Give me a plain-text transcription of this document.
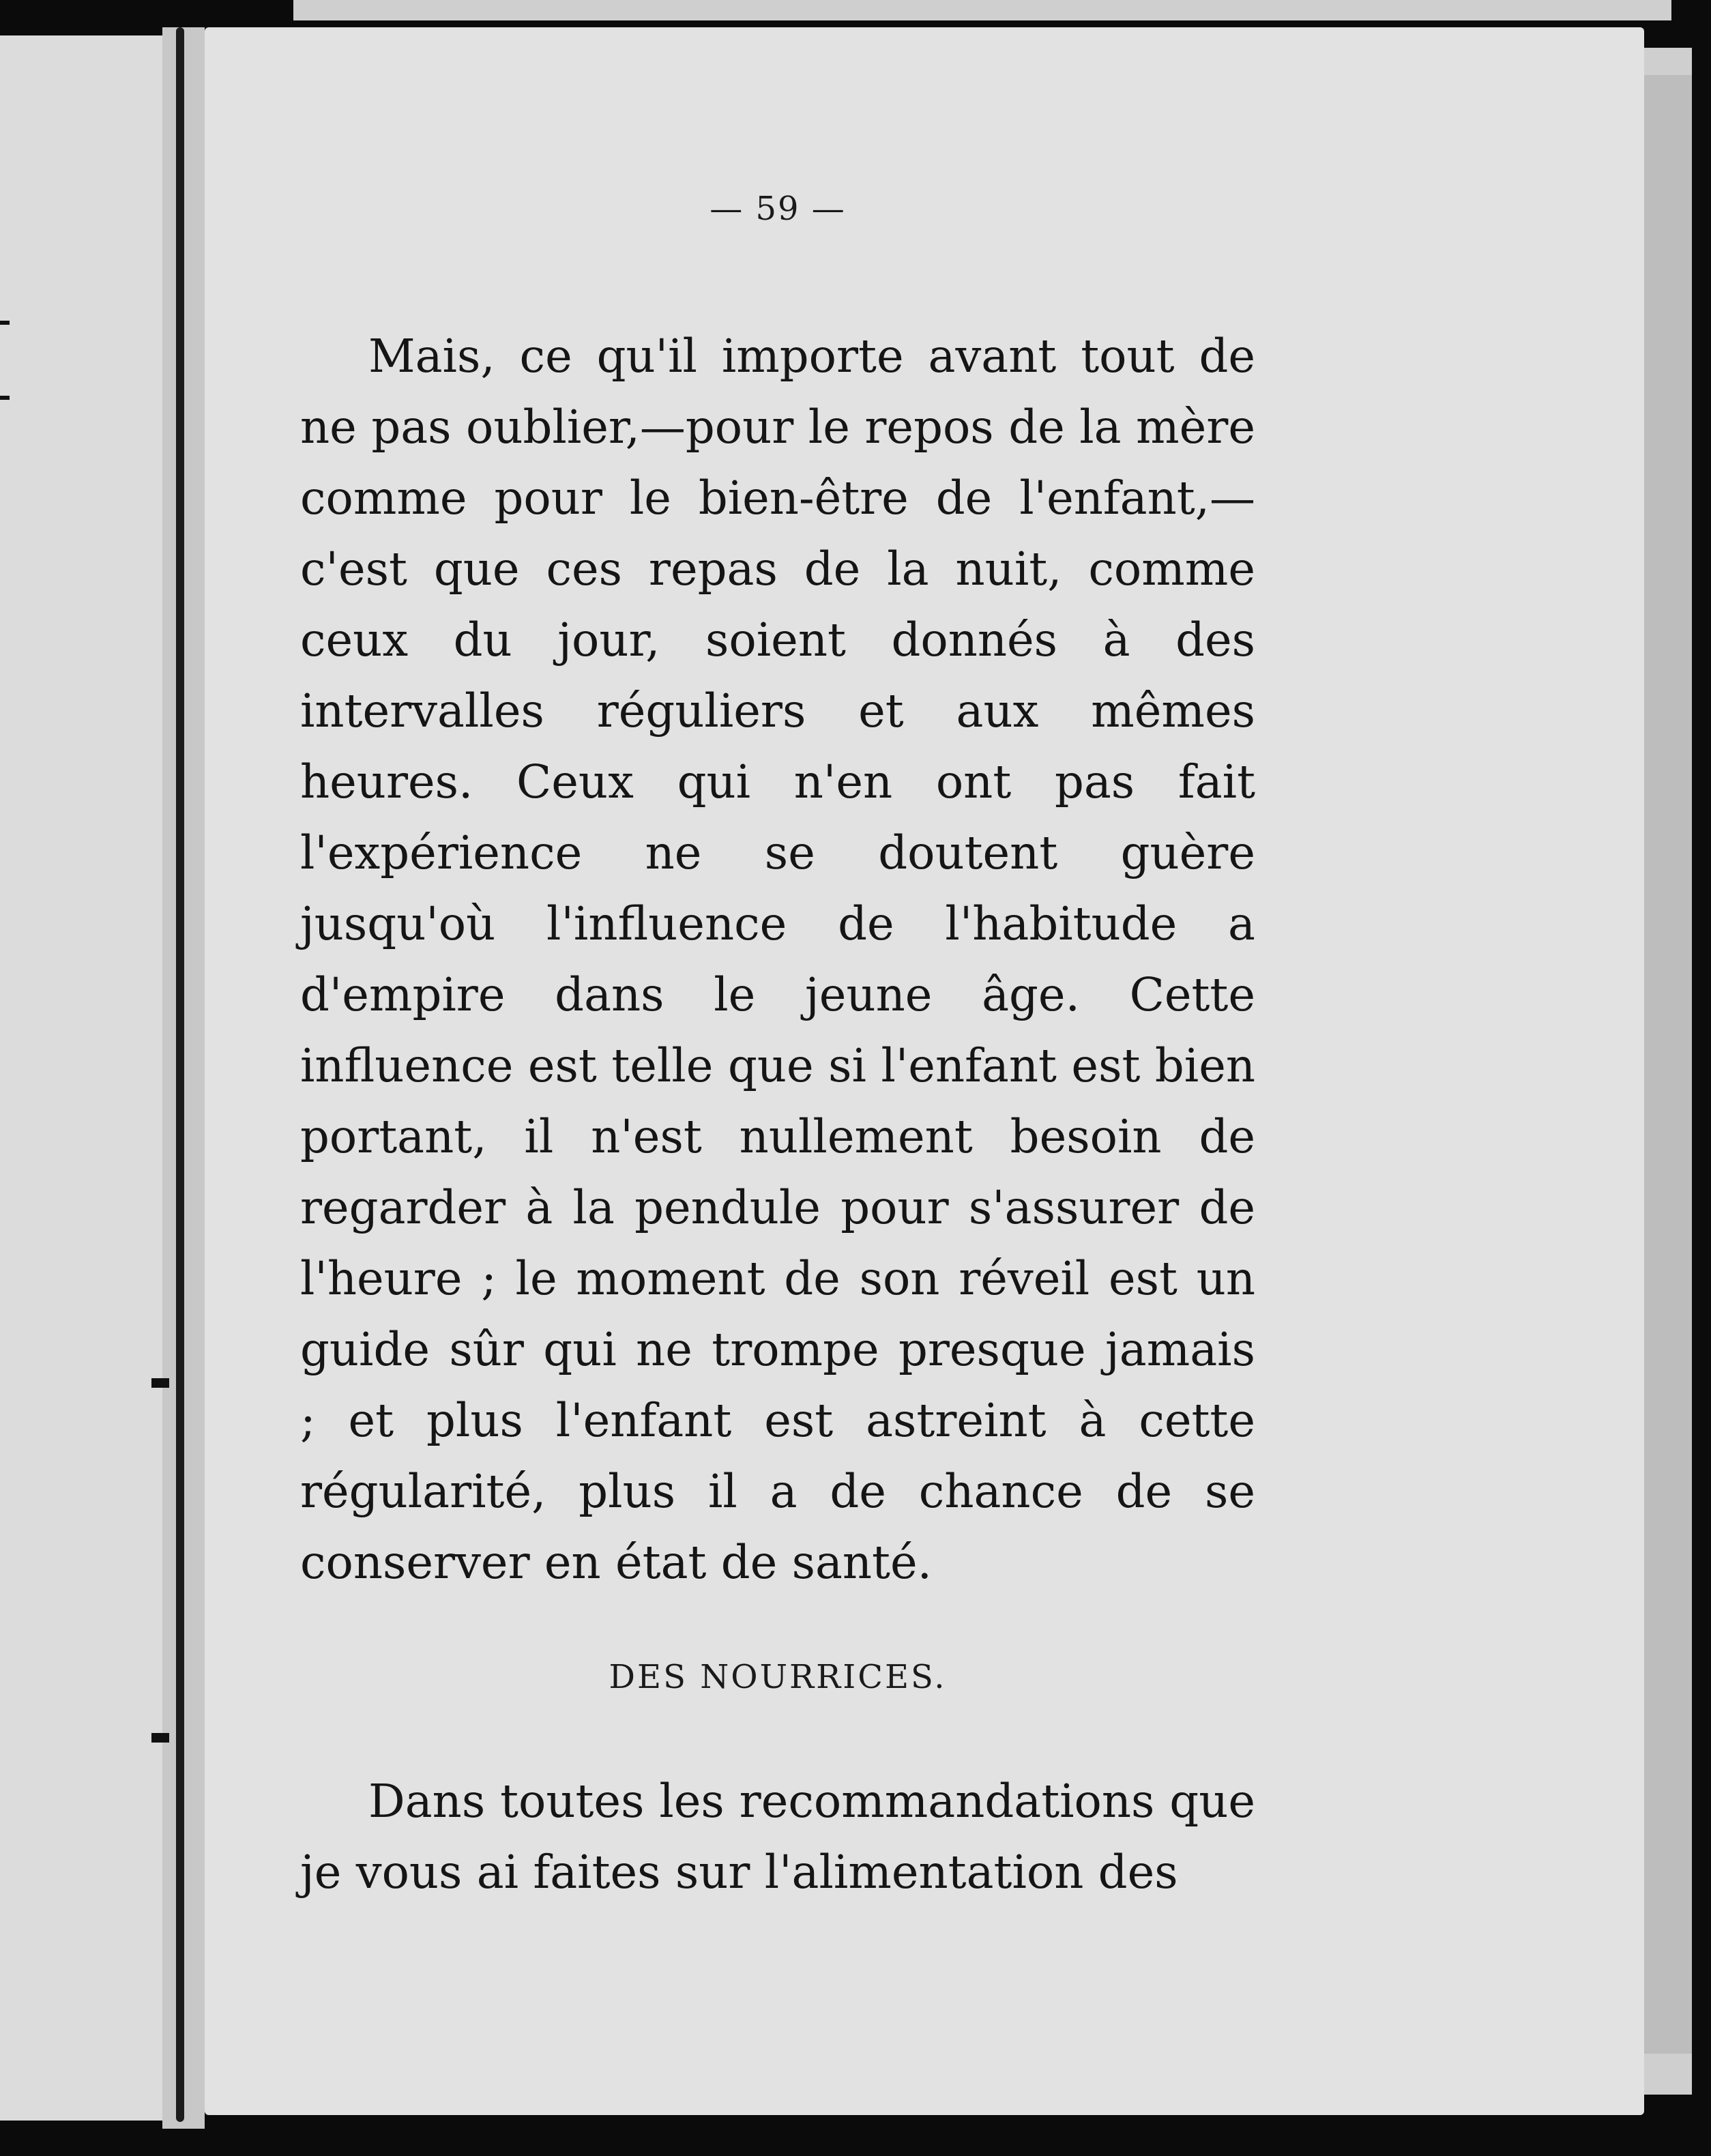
— 59 —

Mais, ce qu'il importe avant tout de ne pas oublier,—pour le repos de la mère comme pour le bien-être de l'enfant,—c'est que ces repas de la nuit, comme ceux du jour, soient donnés à des intervalles réguliers et aux mêmes heures. Ceux qui n'en ont pas fait l'expérience ne se doutent guère jusqu'où l'influence de l'habitude a d'empire dans le jeune âge. Cette influence est telle que si l'enfant est bien portant, il n'est nullement besoin de regarder à la pendule pour s'assurer de l'heure ; le moment de son réveil est un guide sûr qui ne trompe presque jamais ; et plus l'enfant est astreint à cette régularité, plus il a de chance de se conserver en état de santé.

DES NOURRICES.

Dans toutes les recommandations que je vous ai faites sur l'alimentation des
